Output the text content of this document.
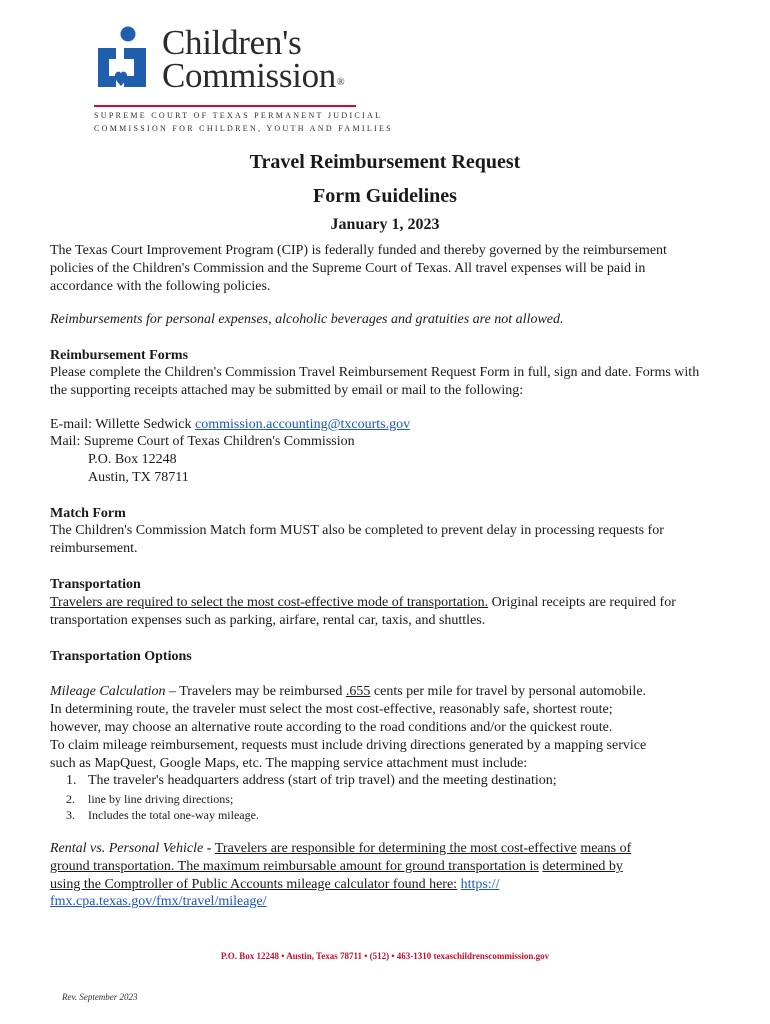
Children's
Commission®
SUPREME COURT OF TEXAS PERMANENT JUDICIAL
COMMISSION FOR CHILDREN, YOUTH AND FAMILIES
Travel Reimbursement Request
Form Guidelines
January 1, 2023
The Texas Court Improvement Program (CIP) is federally funded and thereby governed by the reimbursement policies of the Children's Commission and the Supreme Court of Texas. All travel expenses will be paid in accordance with the following policies.
Reimbursements for personal expenses, alcoholic beverages and gratuities are not allowed.
Reimbursement Forms
Please complete the Children's Commission Travel Reimbursement Request Form in full, sign and date. Forms with the supporting receipts attached may be submitted by email or mail to the following:
E-mail: Willette Sedwick commission.accounting@txcourts.gov
Mail: Supreme Court of Texas Children's Commission
P.O. Box 12248
Austin, TX 78711
Match Form
The Children's Commission Match form MUST also be completed to prevent delay in processing requests for reimbursement.
Transportation
Travelers are required to select the most cost-effective mode of transportation. Original receipts are required for transportation expenses such as parking, airfare, rental car, taxis, and shuttles.
Transportation Options
Mileage Calculation – Travelers may be reimbursed .655 cents per mile for travel by personal automobile.
In determining route, the traveler must select the most cost-effective, reasonably safe, shortest route;
however, may choose an alternative route according to the road conditions and/or the quickest route.
To claim mileage reimbursement, requests must include driving directions generated by a mapping service
such as MapQuest, Google Maps, etc. The mapping service attachment must include:
1. The traveler's headquarters address (start of trip travel) and the meeting destination;
2. line by line driving directions;
3. Includes the total one-way mileage.
Rental vs. Personal Vehicle - Travelers are responsible for determining the most cost-effective means of
ground transportation. The maximum reimbursable amount for ground transportation is determined by
using the Comptroller of Public Accounts mileage calculator found here: https://
fmx.cpa.texas.gov/fmx/travel/mileage/
P.O. Box 12248 • Austin, Texas 78711 • (512) • 463-1310 texaschildrenscommission.gov
Rev. September 2023
